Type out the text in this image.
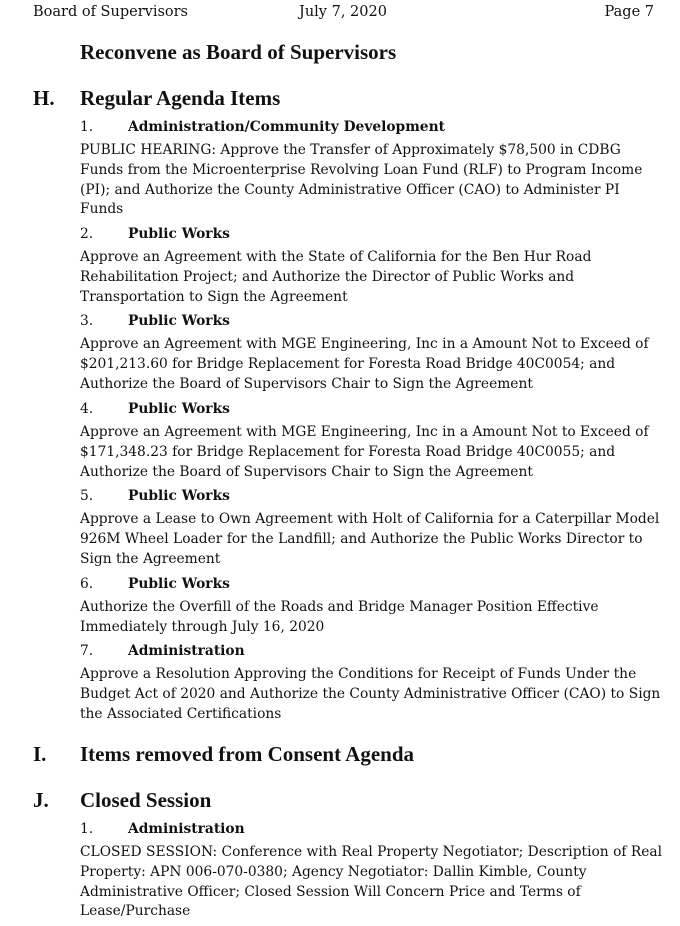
Board of Supervisors	July 7, 2020	Page 7
Reconvene as Board of Supervisors
H. Regular Agenda Items
1.	Administration/Community Development
PUBLIC HEARING: Approve the Transfer of Approximately $78,500 in CDBG Funds from the Microenterprise Revolving Loan Fund (RLF) to Program Income (PI); and Authorize the County Administrative Officer (CAO) to Administer PI Funds
2.	Public Works
Approve an Agreement with the State of California for the Ben Hur Road Rehabilitation Project; and Authorize the Director of Public Works and Transportation to Sign the Agreement
3.	Public Works
Approve an Agreement with MGE Engineering, Inc in a Amount Not to Exceed of $201,213.60 for Bridge Replacement for Foresta Road Bridge 40C0054; and Authorize the Board of Supervisors Chair to Sign the Agreement
4.	Public Works
Approve an Agreement with MGE Engineering, Inc in a Amount Not to Exceed of $171,348.23 for Bridge Replacement for Foresta Road Bridge 40C0055; and Authorize the Board of Supervisors Chair to Sign the Agreement
5.	Public Works
Approve a Lease to Own Agreement with Holt of California for a Caterpillar Model 926M Wheel Loader for the Landfill; and Authorize the Public Works Director to Sign the Agreement
6.	Public Works
Authorize the Overfill of the Roads and Bridge Manager Position Effective Immediately through July 16, 2020
7.	Administration
Approve a Resolution Approving the Conditions for Receipt of Funds Under the Budget Act of 2020 and Authorize the County Administrative Officer (CAO) to Sign the Associated Certifications
I. Items removed from Consent Agenda
J. Closed Session
1.	Administration
CLOSED SESSION: Conference with Real Property Negotiator; Description of Real Property: APN 006-070-0380; Agency Negotiator: Dallin Kimble, County Administrative Officer; Closed Session Will Concern Price and Terms of Lease/Purchase
